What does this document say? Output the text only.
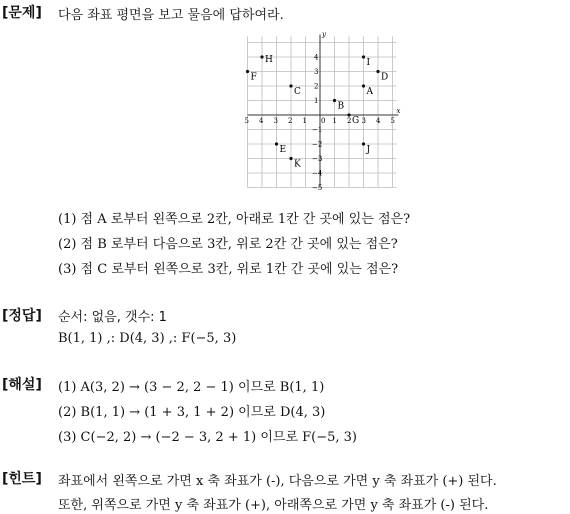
[문제] 다음 좌표 평면을 보고 물음에 답하여라.
x
y
0
5 4 3 2 1	1 2 3 4 5
4
3
2
1
−1
−2
−3
−4
−5
H
F
C
I
D
A
B
G
E	J
K
(1) 점 A 로부터 왼쪽으로 2칸, 아래로 1칸 간 곳에 있는 점은?
(2) 점 B 로부터 다음으로 3칸, 위로 2칸 간 곳에 있는 점은?
(3) 점 C 로부터 왼쪽으로 3칸, 위로 1칸 간 곳에 있는 점은?
[정답] 순서: 없음, 갯수: 1
B(1, 1) ,: D(4, 3) ,: F(−5, 3)
[해설] (1) A(3, 2) → (3 − 2, 2 − 1) 이므로 B(1, 1)
(2) B(1, 1) → (1 + 3, 1 + 2) 이므로 D(4, 3)
(3) C(−2, 2) → (−2 − 3, 2 + 1) 이므로 F(−5, 3)
[힌트] 좌표에서 왼쪽으로 가면 x 축 좌표가 (-), 다음으로 가면 y 축 좌표가 (+) 된다.
또한, 위쪽으로 가면 y 축 좌표가 (+), 아래쪽으로 가면 y 축 좌표가 (-) 된다.
